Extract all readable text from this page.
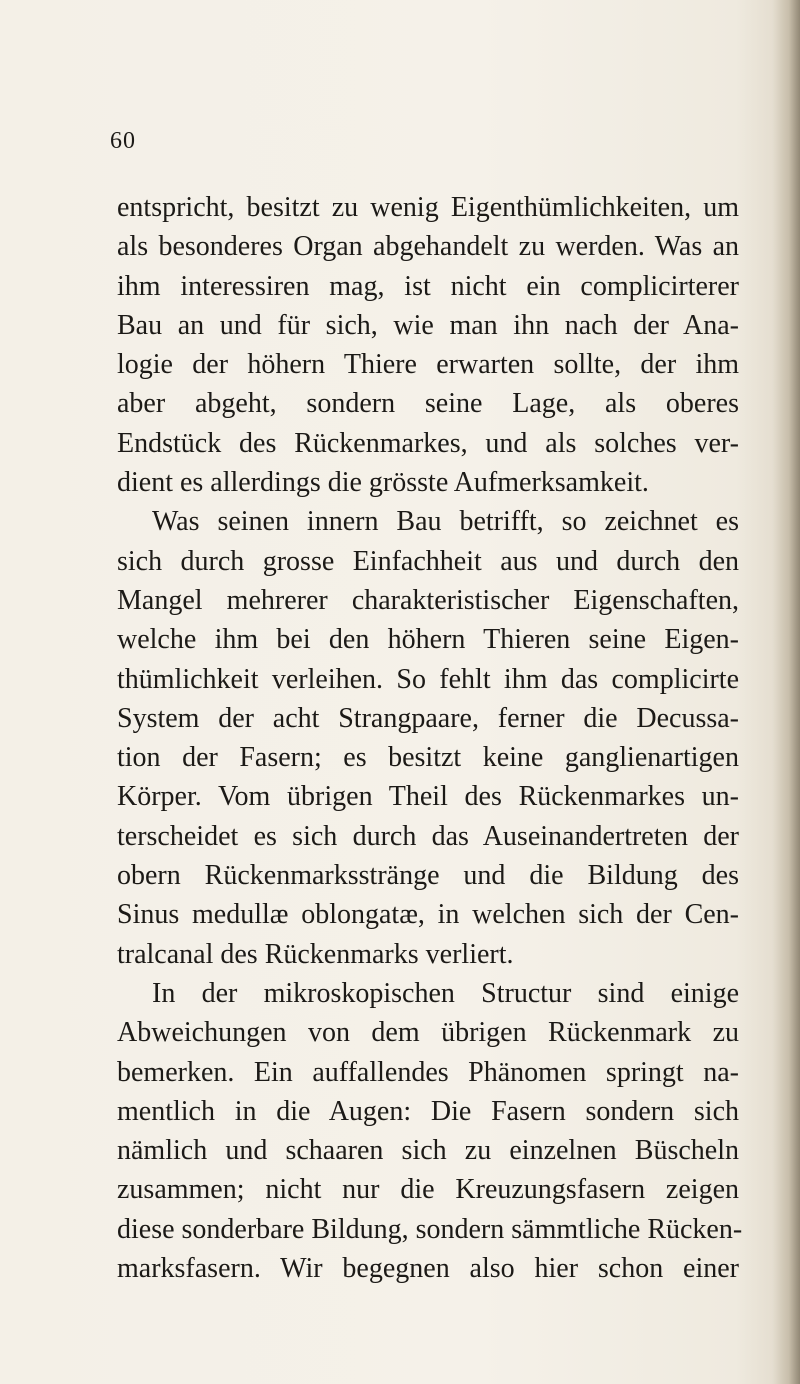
60
entspricht, besitzt zu wenig Eigenthümlichkeiten, um
als besonderes Organ abgehandelt zu werden. Was an
ihm interessiren mag, ist nicht ein complicirterer
Bau an und für sich, wie man ihn nach der Ana-
logie der höhern Thiere erwarten sollte, der ihm
aber abgeht, sondern seine Lage, als oberes
Endstück des Rückenmarkes, und als solches ver-
dient es allerdings die grösste Aufmerksamkeit.
Was seinen innern Bau betrifft, so zeichnet es
sich durch grosse Einfachheit aus und durch den
Mangel mehrerer charakteristischer Eigenschaften,
welche ihm bei den höhern Thieren seine Eigen-
thümlichkeit verleihen. So fehlt ihm das complicirte
System der acht Strangpaare, ferner die Decussa-
tion der Fasern; es besitzt keine ganglienartigen
Körper. Vom übrigen Theil des Rückenmarkes un-
terscheidet es sich durch das Auseinandertreten der
obern Rückenmarksstränge und die Bildung des
Sinus medullæ oblongatæ, in welchen sich der Cen-
tralcanal des Rückenmarks verliert.
In der mikroskopischen Structur sind einige
Abweichungen von dem übrigen Rückenmark zu
bemerken. Ein auffallendes Phänomen springt na-
mentlich in die Augen: Die Fasern sondern sich
nämlich und schaaren sich zu einzelnen Büscheln
zusammen; nicht nur die Kreuzungsfasern zeigen
diese sonderbare Bildung, sondern sämmtliche Rücken-
marksfasern. Wir begegnen also hier schon einer
